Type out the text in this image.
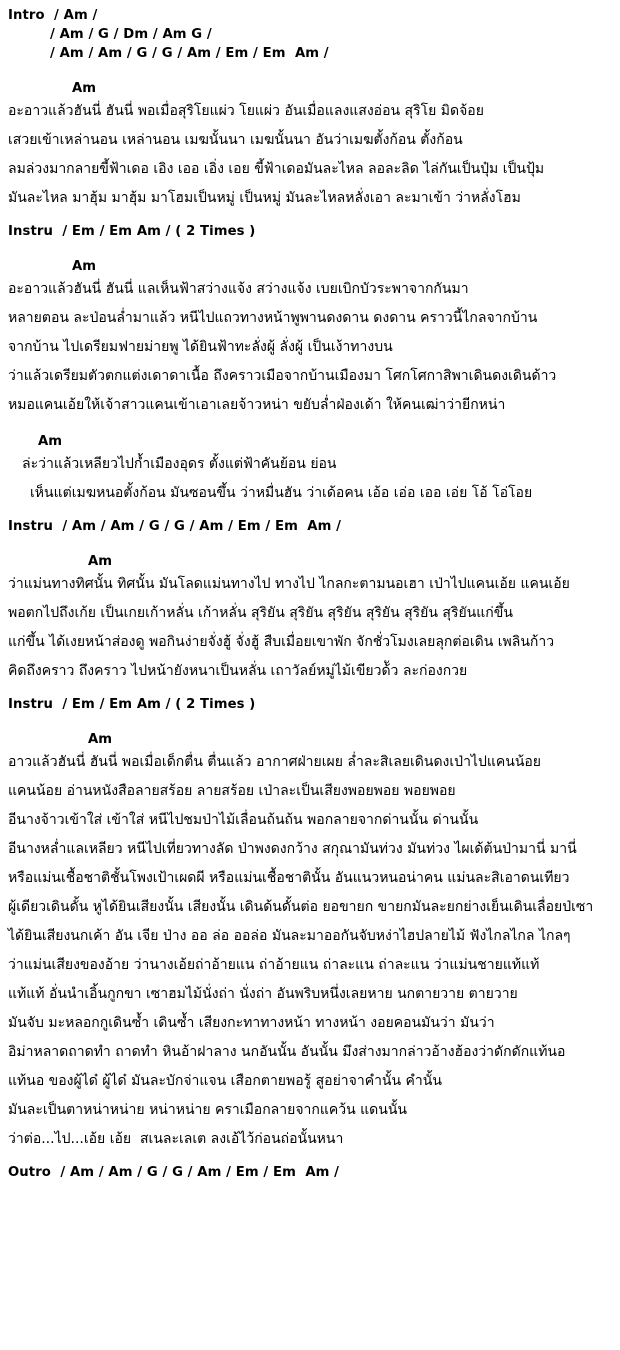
Intro  / Am /
/ Am / G / Dm / Am G /
/ Am / Am / G / G / Am / Em / Em  Am /
Am
อะอาวแล้วฮันนี่ ฮันนี่ พอเมื่อสุริโยแผ่ว โยแผ่ว อันเมื่อแลงแสงอ่อน สุริโย มิดจ้อย
เสวยเข้าเหล่านอน เหล่านอน เมฆนั้นนา เมฆนั้นนา อันว่าเมฆตั้งก้อน ตั้งก้อน
ลมล่วงมากลายขี้ฟ้าเดอ เอิง เออ เอิ่ง เอย ขี้ฟ้าเดอมันละไหล ลอละลิด ไล่กันเป็นปุ๋ม เป็นปุ้ม
มันละไหล มาฮุ้ม มาฮุ้ม มาโฮมเป็นหมู่ เป็นหมู่ มันละไหลหลั่งเอา ละมาเข้า ว่าหลั่งโฮม
Instru  / Em / Em Am / ( 2 Times )
Am
อะอาวแล้วฮันนี่ ฮันนี่ แลเห็นฟ้าสว่างแจ้ง สว่างแจ้ง เบยเบิกบัวระพาจากกันมา
หลายตอน ละป่อนล่ำมาแล้ว หนีไปแถวทางหน้าพูพานดงดาน ดงดาน คราวนี้ไกลจากบ้าน
จากบ้าน ไปเดรียมฟายม่ายพู ได้ยินฟ้าทะลั่งผู้ ลั่งผู้ เป็นเง้าทางบน
ว่าแล้วเดรียมตัวตกแต่งเดาดาเนื้อ ถึงคราวเมือจากบ้านเมืองมา โศกโศกาสิพาเดินดงเดินด้าว
หมอแคนเอ้ยให้เจ้าสาวแคนเข้าเอาเลยจ้าวหน่า ขยับล่ำฝ่องเด้า ให้คนเฒ่าว่ายีกหน่า
Am
ล่ะว่าแล้วเหลียวไปก้ำเมืองอุดร ตั้งแต่ฟ้าคันย้อน ย่อน
เห็นแต่เมฆหนอตั้งก้อน มันซอนขึ้น ว่าหมื่นฮัน ว่าเด้อคน เอ้อ เอ่อ เออ เอ่ย โอ้ โอ่โอย
Instru  / Am / Am / G / G / Am / Em / Em  Am /
Am
ว่าแม่นทางทิศนั้น ทิศนั้น มันโลดแม่นทางไป ทางไป ไกลกะตามนอเฮา เป่าไปแคนเอ้ย แคนเอ้ย
พอตกไปถึงเก้ย เป็นเกยเก้าหลั่น เก้าหลั่น สุริยัน สุริยัน สุริยัน สุริยัน สุริยัน สุริยันแก่ขึ้น
แก่ขึ้น ได้เงยหน้าส่องดู พอกินง่ายจั่งฮู้ จั่งฮู้ สืบเมื่อยเขาพัก จักชั่วโมงเลยลุกต่อเดิน เพลินก้าว
คิดถึงคราว ถึงคราว ไปหน้ายังหนาเป็นหลั่น เถาวัลย์หมู่ไม้เขียวด้ัว ละก่องกวย
Instru  / Em / Em Am / ( 2 Times )
Am
อาวแล้วฮันนี่ ฮันนี่ พอเมื่อเด็กตื่น ตื่นแล้ว อากาศฝ่ายเผย ล่ำละสิเลยเดินดงเป่าไปแคนน้อย
แคนน้อย อ่านหนังสือลายสร้อย ลายสร้อย เป่าละเป็นเสียงพอยพอย พอยพอย
อีนางจ้าวเข้าใส่ เข้าใส่ หนีไปชมป่าไม้เลื่อนถ้นถ้น พอกลายจากด่านนั้น ด่านนั้น
อีนางหล่ำแลเหลียว หนีไปเที่ยวทางลัด ป่าพงดงกว้าง สกุณามันท่วง มันท่วง ไผเด้ต้นป่ามานี่ มานี่
หรือแม่นเชื้อชาติชั้นโพงเป้าเผดผี หรือแม่นเชื้อชาตินั้น อันแนวหนอน่าคน แม่นละสิเอาดนเทียว
ผู้เดียวเดินดั้น หูได้ยินเสียงนั้น เสียงนั้น เดินด้นดั้นต่อ ยอขายก ขายกมันละยกย่างเย็นเดินเลื่อยป่เซา
ได้ยินเสียงนกเค้า อัน เจีย ป่าง ออ ล่อ ออล่อ มันละมาออกันจับหง่าไฮปลายไม้ ฟังไกลไกล ไกลๆ
ว่าแม่นเสียงของอ้าย ว่านางเอ้ยถ่าอ้ายแน ถ่าอ้ายแน ถ่าละแน ถ่าละแน ว่าแม่นชายแท้แท้
แท้แท้ อั่นนำเอิ้นกูกขา เซาฮมไม้นั่งถ่า นั่งถ่า อันพริบหนึ่งเลยหาย นกตายวาย ตายวาย
มันจับ มะหลอกกูเดินซ้ำ เดินซ้ำ เสียงกะทาทางหน้า ทางหน้า งอยคอนมันว่า มันว่า
อิม่าหลาดถาดทำ ถาดทำ หินอ้าฝาลาง นกอันนั้น อันนั้น มึงส่างมากล่าวอ้างฮ้องว่าดักดักแท้นอ
แท้นอ ของผู้ได๋ ผู้ได๋ มันละบักจ่าแจน เสือกตายพอรู้ สูอย่าจาคำนั้น คำนั้น
มันละเป็นตาหน่าหน่าย หน่าหน่าย คราเมือกลายจากแคว้น แดนนั้น
ว่าต่อ...ไป...เอ้ย เอ้ย  สเนละเลเต ลงเอ้ไว้ก่อนถ่อนั้นหนา
Outro  / Am / Am / G / G / Am / Em / Em  Am /
